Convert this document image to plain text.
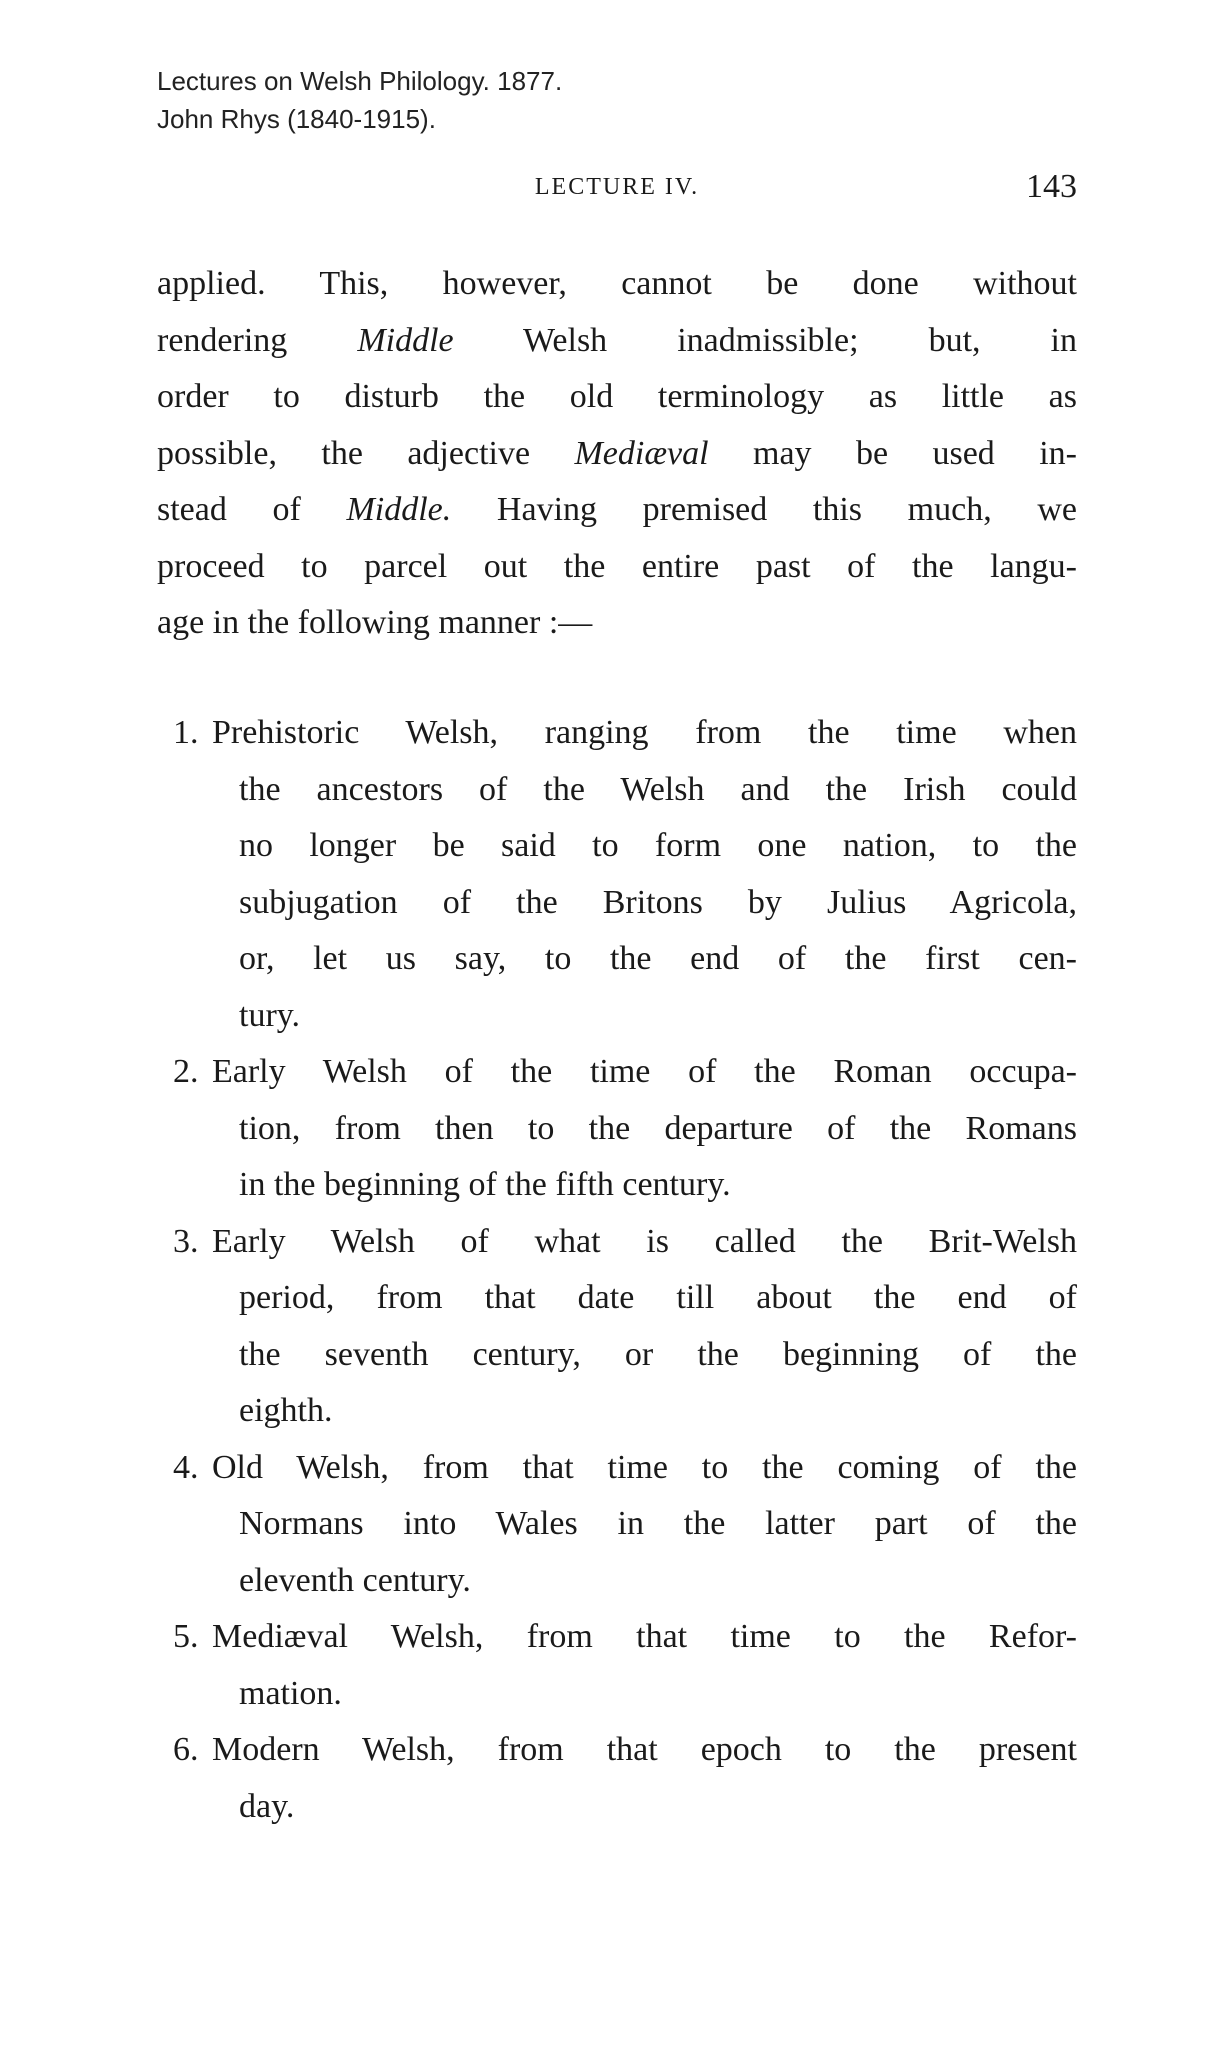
Lectures on Welsh Philology. 1877.
John Rhys (1840-1915).
LECTURE IV.	143
applied. This, however, cannot be done without
rendering Middle Welsh inadmissible; but, in
order to disturb the old terminology as little as
possible, the adjective Mediæval may be used in-
stead of Middle. Having premised this much, we
proceed to parcel out the entire past of the langu-
age in the following manner :—
1. Prehistoric Welsh, ranging from the time when
the ancestors of the Welsh and the Irish could
no longer be said to form one nation, to the
subjugation of the Britons by Julius Agricola,
or, let us say, to the end of the first cen-
tury.
2. Early Welsh of the time of the Roman occupa-
tion, from then to the departure of the Romans
in the beginning of the fifth century.
3. Early Welsh of what is called the Brit-Welsh
period, from that date till about the end of
the seventh century, or the beginning of the
eighth.
4. Old Welsh, from that time to the coming of the
Normans into Wales in the latter part of the
eleventh century.
5. Mediæval Welsh, from that time to the Refor-
mation.
6. Modern Welsh, from that epoch to the present
day.
